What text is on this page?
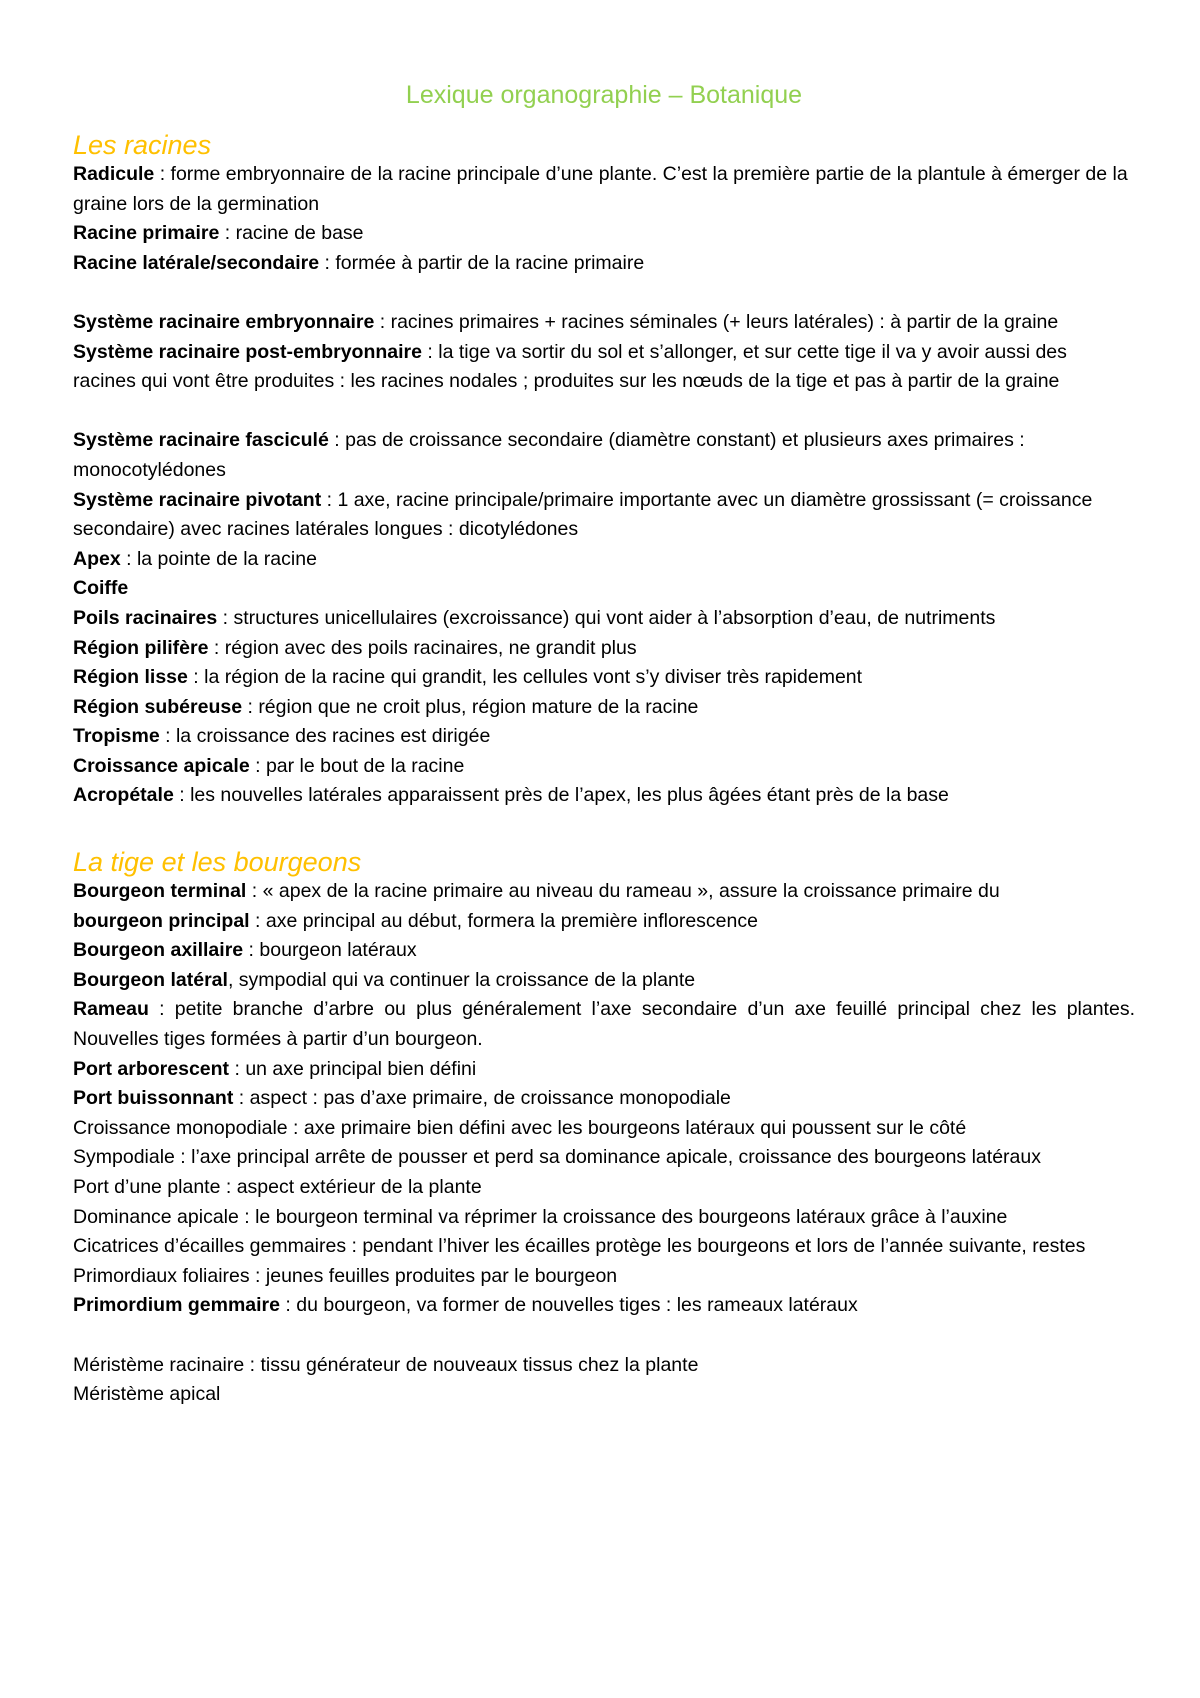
Lexique organographie – Botanique
Les racines

Radicule : forme embryonnaire de la racine principale d’une plante. C’est la première partie de la plantule à émerger de la graine lors de la germination

Racine primaire : racine de base

Racine latérale/secondaire : formée à partir de la racine primaire

Système racinaire embryonnaire : racines primaires + racines séminales (+ leurs latérales) : à partir de la graine

Système racinaire post-embryonnaire : la tige va sortir du sol et s’allonger, et sur cette tige il va y avoir aussi des racines qui vont être produites : les racines nodales ; produites sur les nœuds de la tige et pas à partir de la graine

Système racinaire fasciculé : pas de croissance secondaire (diamètre constant) et plusieurs axes primaires : monocotylédones

Système racinaire pivotant : 1 axe, racine principale/primaire importante avec un diamètre grossissant (= croissance secondaire) avec racines latérales longues : dicotylédones

Apex : la pointe de la racine

Coiffe

Poils racinaires : structures unicellulaires (excroissance) qui vont aider à l’absorption d’eau, de nutriments

Région pilifère : région avec des poils racinaires, ne grandit plus

Région lisse : la région de la racine qui grandit, les cellules vont s’y diviser très rapidement

Région subéreuse : région que ne croit plus, région mature de la racine

Tropisme : la croissance des racines est dirigée

Croissance apicale : par le bout de la racine

Acropétale : les nouvelles latérales apparaissent près de l’apex, les plus âgées étant près de la base

La tige et les bourgeons

Bourgeon terminal : « apex de la racine primaire au niveau du rameau », assure la croissance primaire du

bourgeon principal : axe principal au début, formera la première inflorescence

Bourgeon axillaire : bourgeon latéraux

Bourgeon latéral, sympodial qui va continuer la croissance de la plante

Rameau : petite branche d’arbre ou plus généralement l’axe secondaire d’un axe feuillé principal chez les plantes. Nouvelles tiges formées à partir d’un bourgeon.

Port arborescent : un axe principal bien défini

Port buissonnant : aspect : pas d’axe primaire, de croissance monopodiale

Croissance monopodiale : axe primaire bien défini avec les bourgeons latéraux qui poussent sur le côté

Sympodiale : l’axe principal arrête de pousser et perd sa dominance apicale, croissance des bourgeons latéraux

Port d’une plante : aspect extérieur de la plante

Dominance apicale : le bourgeon terminal va réprimer la croissance des bourgeons latéraux grâce à l’auxine

Cicatrices d’écailles gemmaires : pendant l’hiver les écailles protège les bourgeons et lors de l’année suivante, restes

Primordiaux foliaires : jeunes feuilles produites par le bourgeon

Primordium gemmaire : du bourgeon, va former de nouvelles tiges : les rameaux latéraux

Méristème racinaire : tissu générateur de nouveaux tissus chez la plante

Méristème apical
